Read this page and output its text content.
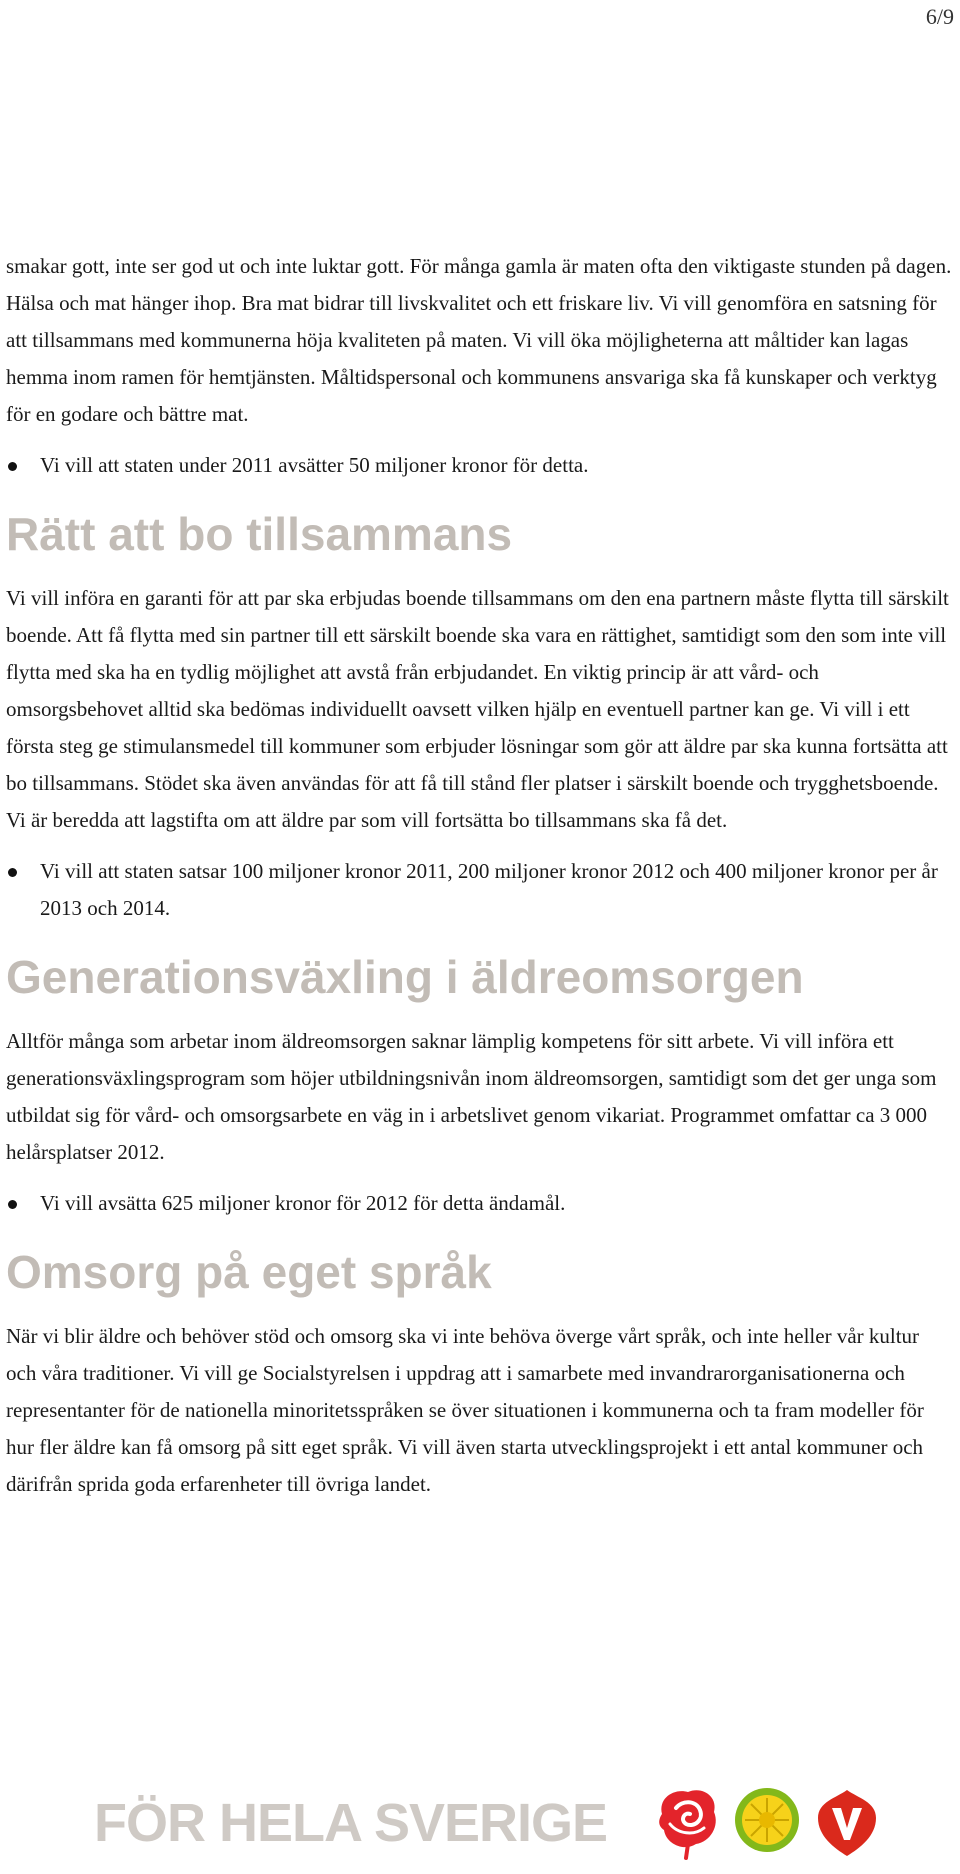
6/9

smakar gott, inte ser god ut och inte luktar gott. För många gamla är maten ofta den viktigaste stunden på dagen. Hälsa och mat hänger ihop. Bra mat bidrar till livskvalitet och ett friskare liv. Vi vill genomföra en satsning för att tillsammans med kommunerna höja kvaliteten på maten. Vi vill öka möjligheterna att måltider kan lagas hemma inom ramen för hemtjänsten. Måltidspersonal och kommunens ansvariga ska få kunskaper och verktyg för en godare och bättre mat.

Vi vill att staten under 2011 avsätter 50 miljoner kronor för detta.
Rätt att bo tillsammans

Vi vill införa en garanti för att par ska erbjudas boende tillsammans om den ena partnern måste flytta till särskilt boende. Att få flytta med sin partner till ett särskilt boende ska vara en rättighet, samtidigt som den som inte vill flytta med ska ha en tydlig möjlighet att avstå från erbjudandet. En viktig princip är att vård- och omsorgsbehovet alltid ska bedömas individuellt oavsett vilken hjälp en eventuell partner kan ge. Vi vill i ett första steg ge stimulansmedel till kommuner som erbjuder lösningar som gör att äldre par ska kunna fortsätta att bo tillsammans. Stödet ska även användas för att få till stånd fler platser i särskilt boende och trygghetsboende. Vi är beredda att lagstifta om att äldre par som vill fortsätta bo tillsammans ska få det.

Vi vill att staten satsar 100 miljoner kronor 2011, 200 miljoner kronor 2012 och 400 miljoner kronor per år 2013 och 2014.
Generationsväxling i äldreomsorgen

Alltför många som arbetar inom äldreomsorgen saknar lämplig kompetens för sitt arbete. Vi vill införa ett generationsväxlingsprogram som höjer utbildningsnivån inom äldreomsorgen, samtidigt som det ger unga som utbildat sig för vård- och omsorgsarbete en väg in i arbetslivet genom vikariat. Programmet omfattar ca 3 000 helårsplatser 2012.

Vi vill avsätta 625 miljoner kronor för 2012 för detta ändamål.
Omsorg på eget språk

När vi blir äldre och behöver stöd och omsorg ska vi inte behöva överge vårt språk, och inte heller vår kultur och våra traditioner. Vi vill ge Socialstyrelsen i uppdrag att i samarbete med invandrarorganisationerna och representanter för de nationella minoritetsspråken se över situationen i kommunerna och ta fram modeller för hur fler äldre kan få omsorg på sitt eget språk. Vi vill även starta utvecklingsprojekt i ett antal kommuner och därifrån sprida goda erfarenheter till övriga landet.

FÖR HELA SVERIGE
